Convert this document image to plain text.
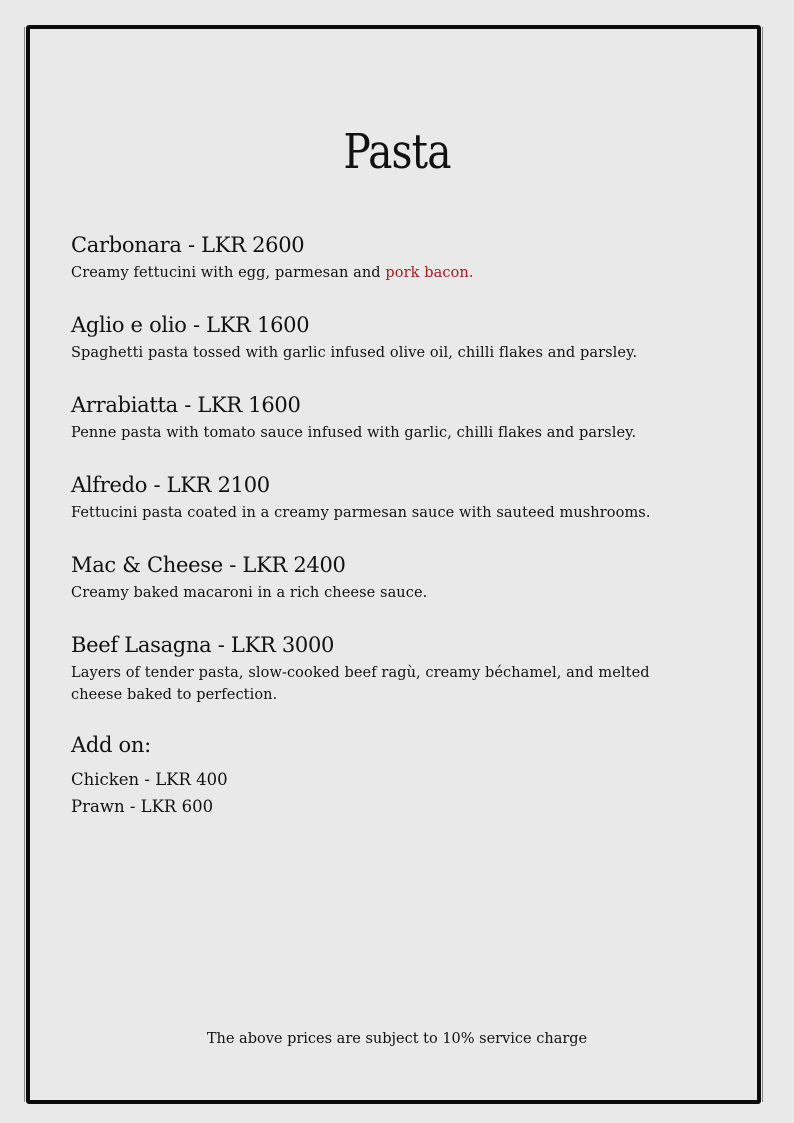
Pasta

Carbonara - LKR 2600

Creamy fettucini with egg, parmesan and pork bacon.

Aglio e olio - LKR 1600

Spaghetti pasta tossed with garlic infused olive oil, chilli flakes and parsley.

Arrabiatta - LKR 1600

Penne pasta with tomato sauce infused with garlic, chilli flakes and parsley.

Alfredo - LKR 2100

Fettucini pasta coated in a creamy parmesan sauce with sauteed mushrooms.

Mac & Cheese - LKR 2400

Creamy baked macaroni in a rich cheese sauce.

Beef Lasagna - LKR 3000

Layers of tender pasta, slow-cooked beef ragù, creamy béchamel, and melted cheese baked to perfection.

Add on:

Chicken - LKR 400

Prawn - LKR 600

The above prices are subject to 10% service charge
